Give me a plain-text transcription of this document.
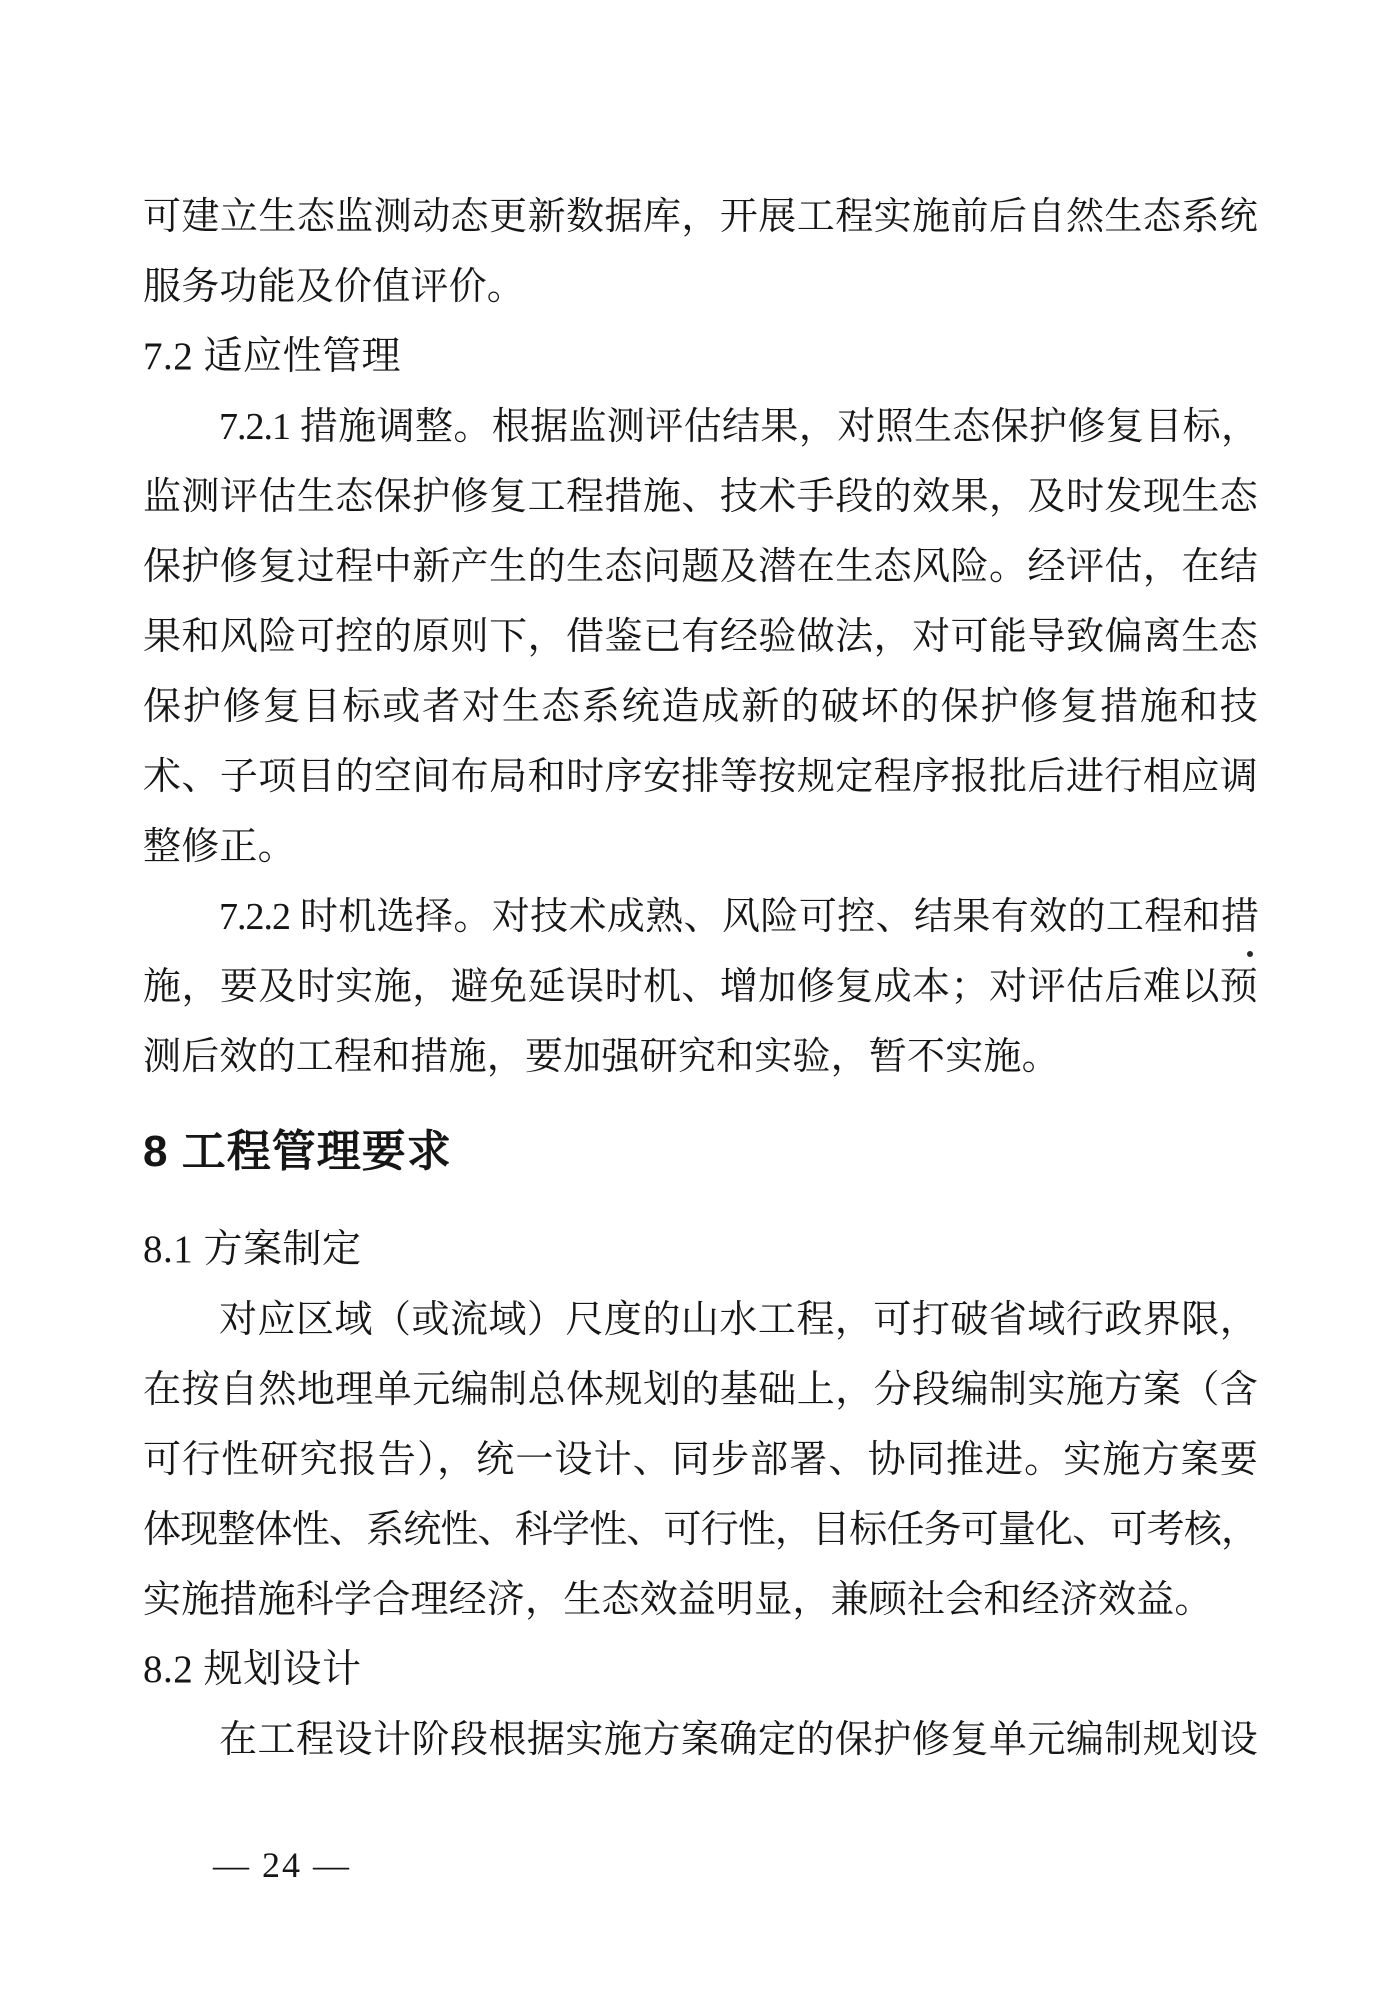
可建立生态监测动态更新数据库，开展工程实施前后自然生态系统
服务功能及价值评价。
7.2 适应性管理
7.2.1 措施调整。根据监测评估结果，对照生态保护修复目标，
监测评估生态保护修复工程措施、技术手段的效果，及时发现生态
保护修复过程中新产生的生态问题及潜在生态风险。经评估，在结
果和风险可控的原则下，借鉴已有经验做法，对可能导致偏离生态
保护修复目标或者对生态系统造成新的破坏的保护修复措施和技
术、子项目的空间布局和时序安排等按规定程序报批后进行相应调
整修正。
7.2.2 时机选择。对技术成熟、风险可控、结果有效的工程和措
施，要及时实施，避免延误时机、增加修复成本；对评估后难以预
测后效的工程和措施，要加强研究和实验，暂不实施。
8 工程管理要求
8.1 方案制定
对应区域（或流域）尺度的山水工程，可打破省域行政界限，
在按自然地理单元编制总体规划的基础上，分段编制实施方案（含
可行性研究报告），统一设计、同步部署、协同推进。实施方案要
体现整体性、系统性、科学性、可行性，目标任务可量化、可考核，
实施措施科学合理经济，生态效益明显，兼顾社会和经济效益。
8.2 规划设计
在工程设计阶段根据实施方案确定的保护修复单元编制规划设
— 24 —
